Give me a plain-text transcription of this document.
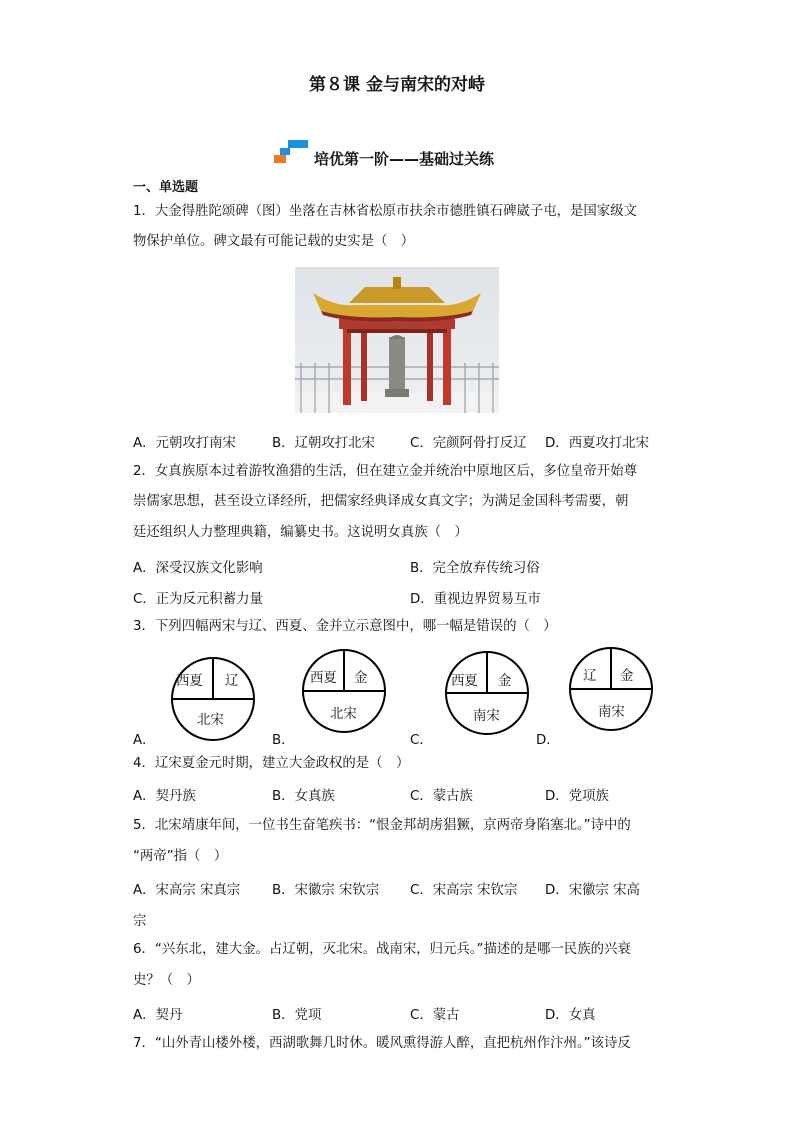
第８课 金与南宋的对峙
培优第一阶——基础过关练
一、单选题
1．大金得胜陀颂碑（图）坐落在吉林省松原市扶余市德胜镇石碑崴子屯，是国家级文
物保护单位。碑文最有可能记载的史实是（　）
A．元朝攻打南宋	B．辽朝攻打北宋	C．完颜阿骨打反辽 D．西夏攻打北宋
2．女真族原本过着游牧渔猎的生活，但在建立金并统治中原地区后，多位皇帝开始尊
崇儒家思想，甚至设立译经所，把儒家经典译成女真文字；为满足金国科考需要，朝
廷还组织人力整理典籍，编纂史书。这说明女真族（　）
A．深受汉族文化影响	B．完全放弃传统习俗
C．正为反元积蓄力量	D．重视边界贸易互市
3．下列四幅两宋与辽、西夏、金并立示意图中，哪一幅是错误的（　）
A．
西夏 辽
北宋
B．
西夏 金
北宋
C．
西夏 金
南宋
D．
辽 金
南宋
4．辽宋夏金元时期，建立大金政权的是（　）
A．契丹族	B．女真族	C．蒙古族	D．党项族
5．北宋靖康年间，一位书生奋笔疾书：“恨金邦胡虏猖獗，京两帝身陷塞北。”诗中的
“两帝”指（　）
A．宋高宗 宋真宗 B．宋徽宗 宋钦宗 C．宋高宗 宋钦宗 D．宋徽宗 宋高
宗
6．“兴东北，建大金。占辽朝，灭北宋。战南宋，归元兵。”描述的是哪一民族的兴衰
史？（　）
A．契丹	B．党项	C．蒙古	D．女真
7．“山外青山楼外楼，西湖歌舞几时休。暖风熏得游人醉，直把杭州作汴州。”该诗反
